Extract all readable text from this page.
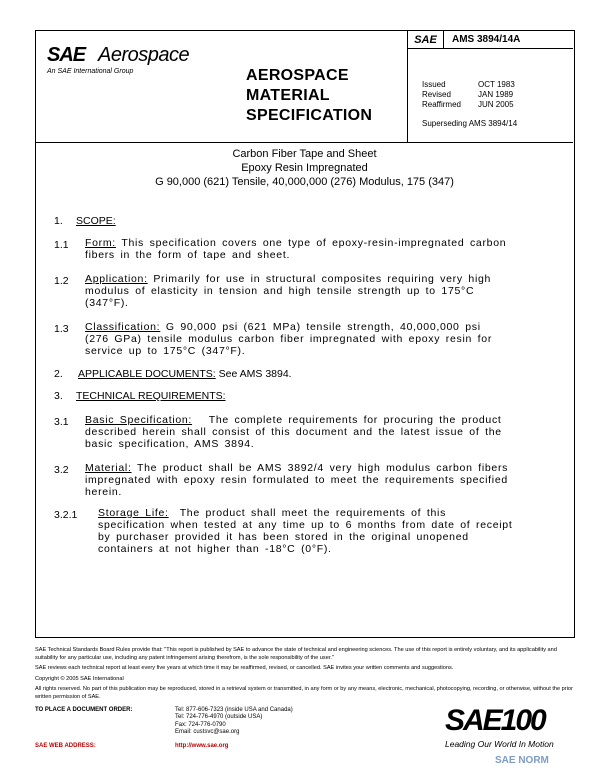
SAE Aerospace
An SAE International Group	AEROSPACE
MATERIAL
SPECIFICATION
SAE	AMS 3894/14A
Issued	OCT 1983
Revised	JAN 1989
Reaffirmed JUN 2005
Superseding AMS 3894/14
Carbon Fiber Tape and Sheet
Epoxy Resin Impregnated
G 90,000 (621) Tensile, 40,000,000 (276) Modulus, 175 (347)
1. SCOPE:
1.1 Form: This specification covers one type of epoxy-resin-impregnated carbon
fibers in the form of tape and sheet.
1.2 Application: Primarily for use in structural composites requiring very high
modulus of elasticity in tension and high tensile strength up to 175°C
(347°F).
1.3 Classification: G 90,000 psi (621 MPa) tensile strength, 40,000,000 psi
(276 GPa) tensile modulus carbon fiber impregnated with epoxy resin for
service up to 175°C (347°F).
2. APPLICABLE DOCUMENTS: See AMS 3894.
3. TECHNICAL REQUIREMENTS:
3.1 Basic Specification: The complete requirements for procuring the product
described herein shall consist of this document and the latest issue of the
basic specification, AMS 3894.
3.2 Material: The product shall be AMS 3892/4 very high modulus carbon fibers
impregnated with epoxy resin formulated to meet the requirements specified
herein.
3.2.1 Storage Life: The product shall meet the requirements of this
specification when tested at any time up to 6 months from date of receipt
by purchaser provided it has been stored in the original unopened
containers at not higher than -18°C (0°F).

SAE Technical Standards Board Rules provide that: "This report is published by SAE to advance the state of technical and engineering sciences. The use of this report is entirely voluntary, and its applicability and suitability for any particular use, including any patent infringement arising therefrom, is the sole responsibility of the user."

SAE reviews each technical report at least every five years at which time it may be reaffirmed, revised, or cancelled. SAE invites your written comments and suggestions.

Copyright © 2005 SAE International

All rights reserved. No part of this publication may be reproduced, stored in a retrieval system or transmitted, in any form or by any means, electronic, mechanical, photocopying, recording, or otherwise, without the prior written permission of SAE.

TO PLACE A DOCUMENT ORDER:	Tel: 877-606-7323 (inside USA and Canada)
Tel: 724-776-4970 (outside USA)
Fax: 724-776-0790
Email: custsvc@sae.org
SAE WEB ADDRESS:	http://www.sae.org
SAE100
Leading Our World In Motion
SAE NORM
